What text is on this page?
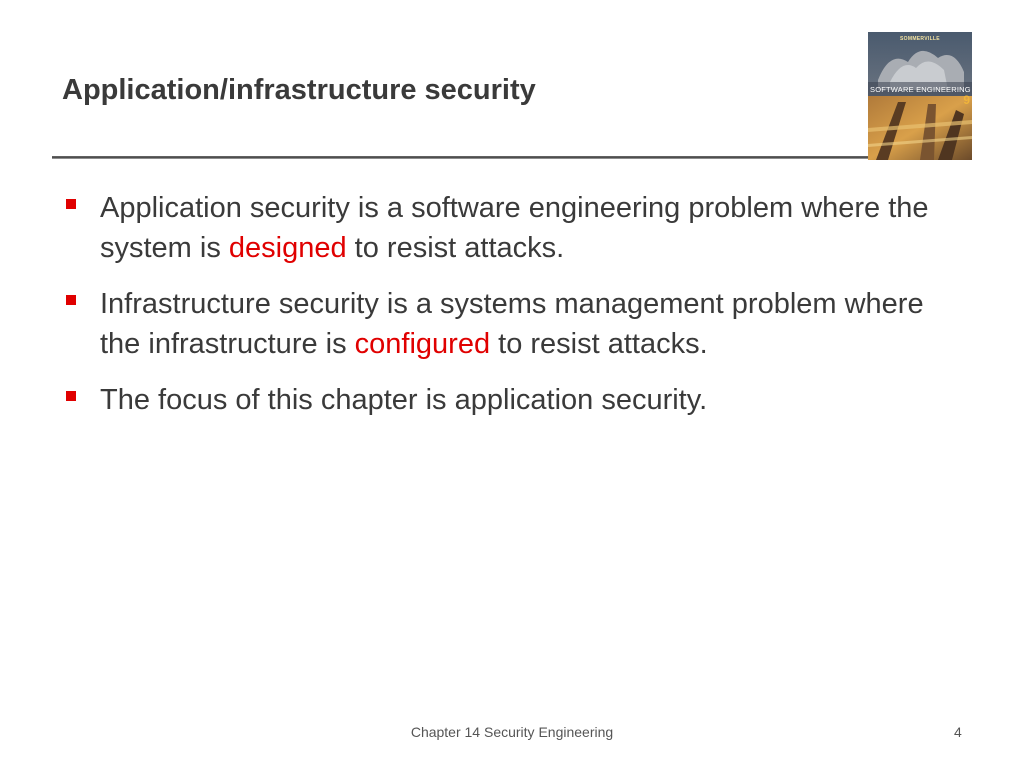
Application/infrastructure security
SOMMERVILLE
SOFTWARE ENGINEERING
9
Application security is a software engineering problem where the system is designed to resist attacks.
Infrastructure security is a systems management problem where the infrastructure is configured to resist attacks.
The focus of this chapter is application security.
Chapter 14 Security Engineering	4
